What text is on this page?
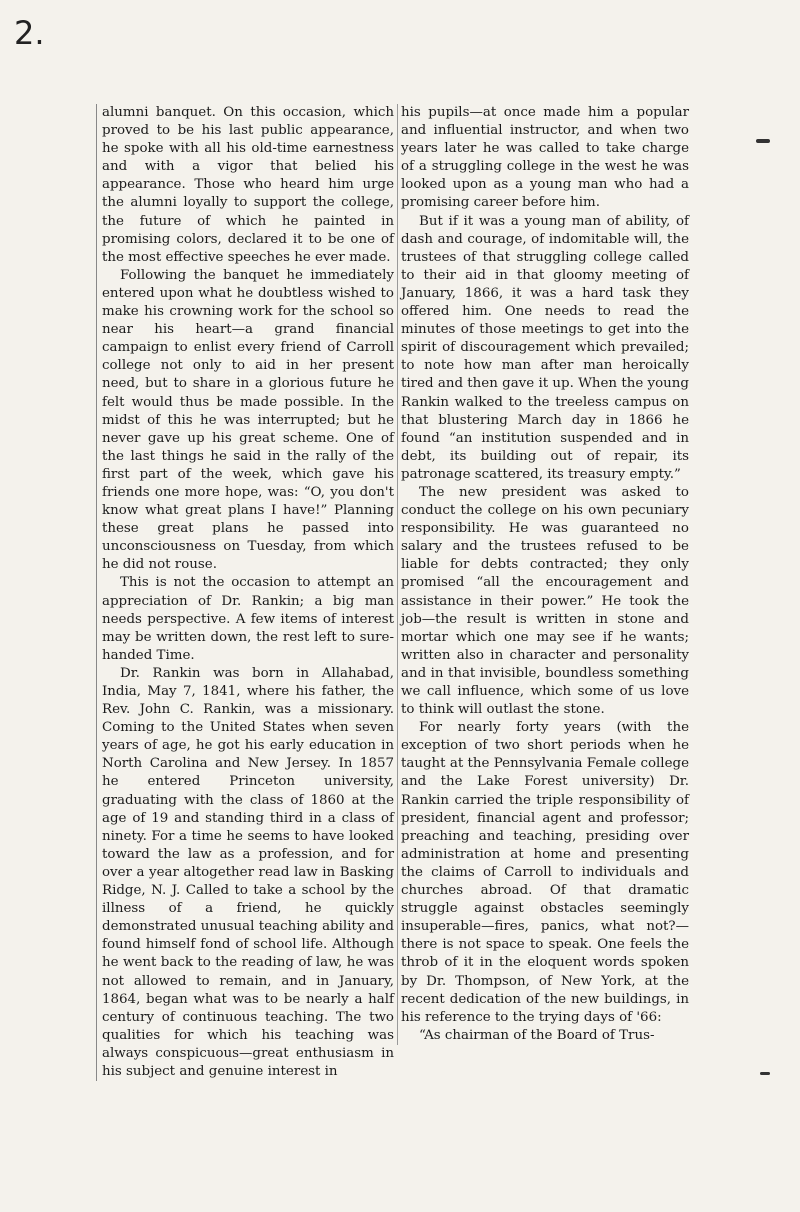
2.

alumni banquet. On this occasion, which proved to be his last public appearance, he spoke with all his old-time earnestness and with a vigor that belied his appearance. Those who heard him urge the alumni loyally to support the college, the future of which he painted in promising colors, declared it to be one of the most effective speeches he ever made.

Following the banquet he immediately entered upon what he doubtless wished to make his crowning work for the school so near his heart—a grand financial campaign to enlist every friend of Carroll college not only to aid in her present need, but to share in a glorious future he felt would thus be made possible. In the midst of this he was interrupted; but he never gave up his great scheme. One of the last things he said in the rally of the first part of the week, which gave his friends one more hope, was: “O, you don't know what great plans I have!” Planning these great plans he passed into unconsciousness on Tuesday, from which he did not rouse.

This is not the occasion to attempt an appreciation of Dr. Rankin; a big man needs perspective. A few items of interest may be written down, the rest left to sure-handed Time.

Dr. Rankin was born in Allahabad, India, May 7, 1841, where his father, the Rev. John C. Rankin, was a missionary. Coming to the United States when seven years of age, he got his early education in North Carolina and New Jersey. In 1857 he entered Princeton university, graduating with the class of 1860 at the age of 19 and standing third in a class of ninety. For a time he seems to have looked toward the law as a profession, and for over a year altogether read law in Basking Ridge, N. J. Called to take a school by the illness of a friend, he quickly demonstrated unusual teaching ability and found himself fond of school life. Although he went back to the reading of law, he was not allowed to remain, and in January, 1864, began what was to be nearly a half century of continuous teaching. The two qualities for which his teaching was always conspicuous—great enthusiasm in his subject and genuine interest in

his pupils—at once made him a popular and influential instructor, and when two years later he was called to take charge of a struggling college in the west he was looked upon as a young man who had a promising career before him.

But if it was a young man of ability, of dash and courage, of indomitable will, the trustees of that struggling college called to their aid in that gloomy meeting of January, 1866, it was a hard task they offered him. One needs to read the minutes of those meetings to get into the spirit of discouragement which prevailed; to note how man after man heroically tired and then gave it up. When the young Rankin walked to the treeless campus on that blustering March day in 1866 he found “an institution suspended and in debt, its building out of repair, its patronage scattered, its treasury empty.”

The new president was asked to conduct the college on his own pecuniary responsibility. He was guaranteed no salary and the trustees refused to be liable for debts contracted; they only promised “all the encouragement and assistance in their power.” He took the job—the result is written in stone and mortar which one may see if he wants; written also in character and personality and in that invisible, boundless something we call influence, which some of us love to think will outlast the stone.

For nearly forty years (with the exception of two short periods when he taught at the Pennsylvania Female college and the Lake Forest university) Dr. Rankin carried the triple responsibility of president, financial agent and professor; preaching and teaching, presiding over administration at home and presenting the claims of Carroll to individuals and churches abroad. Of that dramatic struggle against obstacles seemingly insuperable—fires, panics, what not?—there is not space to speak. One feels the throb of it in the eloquent words spoken by Dr. Thompson, of New York, at the recent dedication of the new buildings, in his reference to the trying days of '66:

“As chairman of the Board of Trus-
